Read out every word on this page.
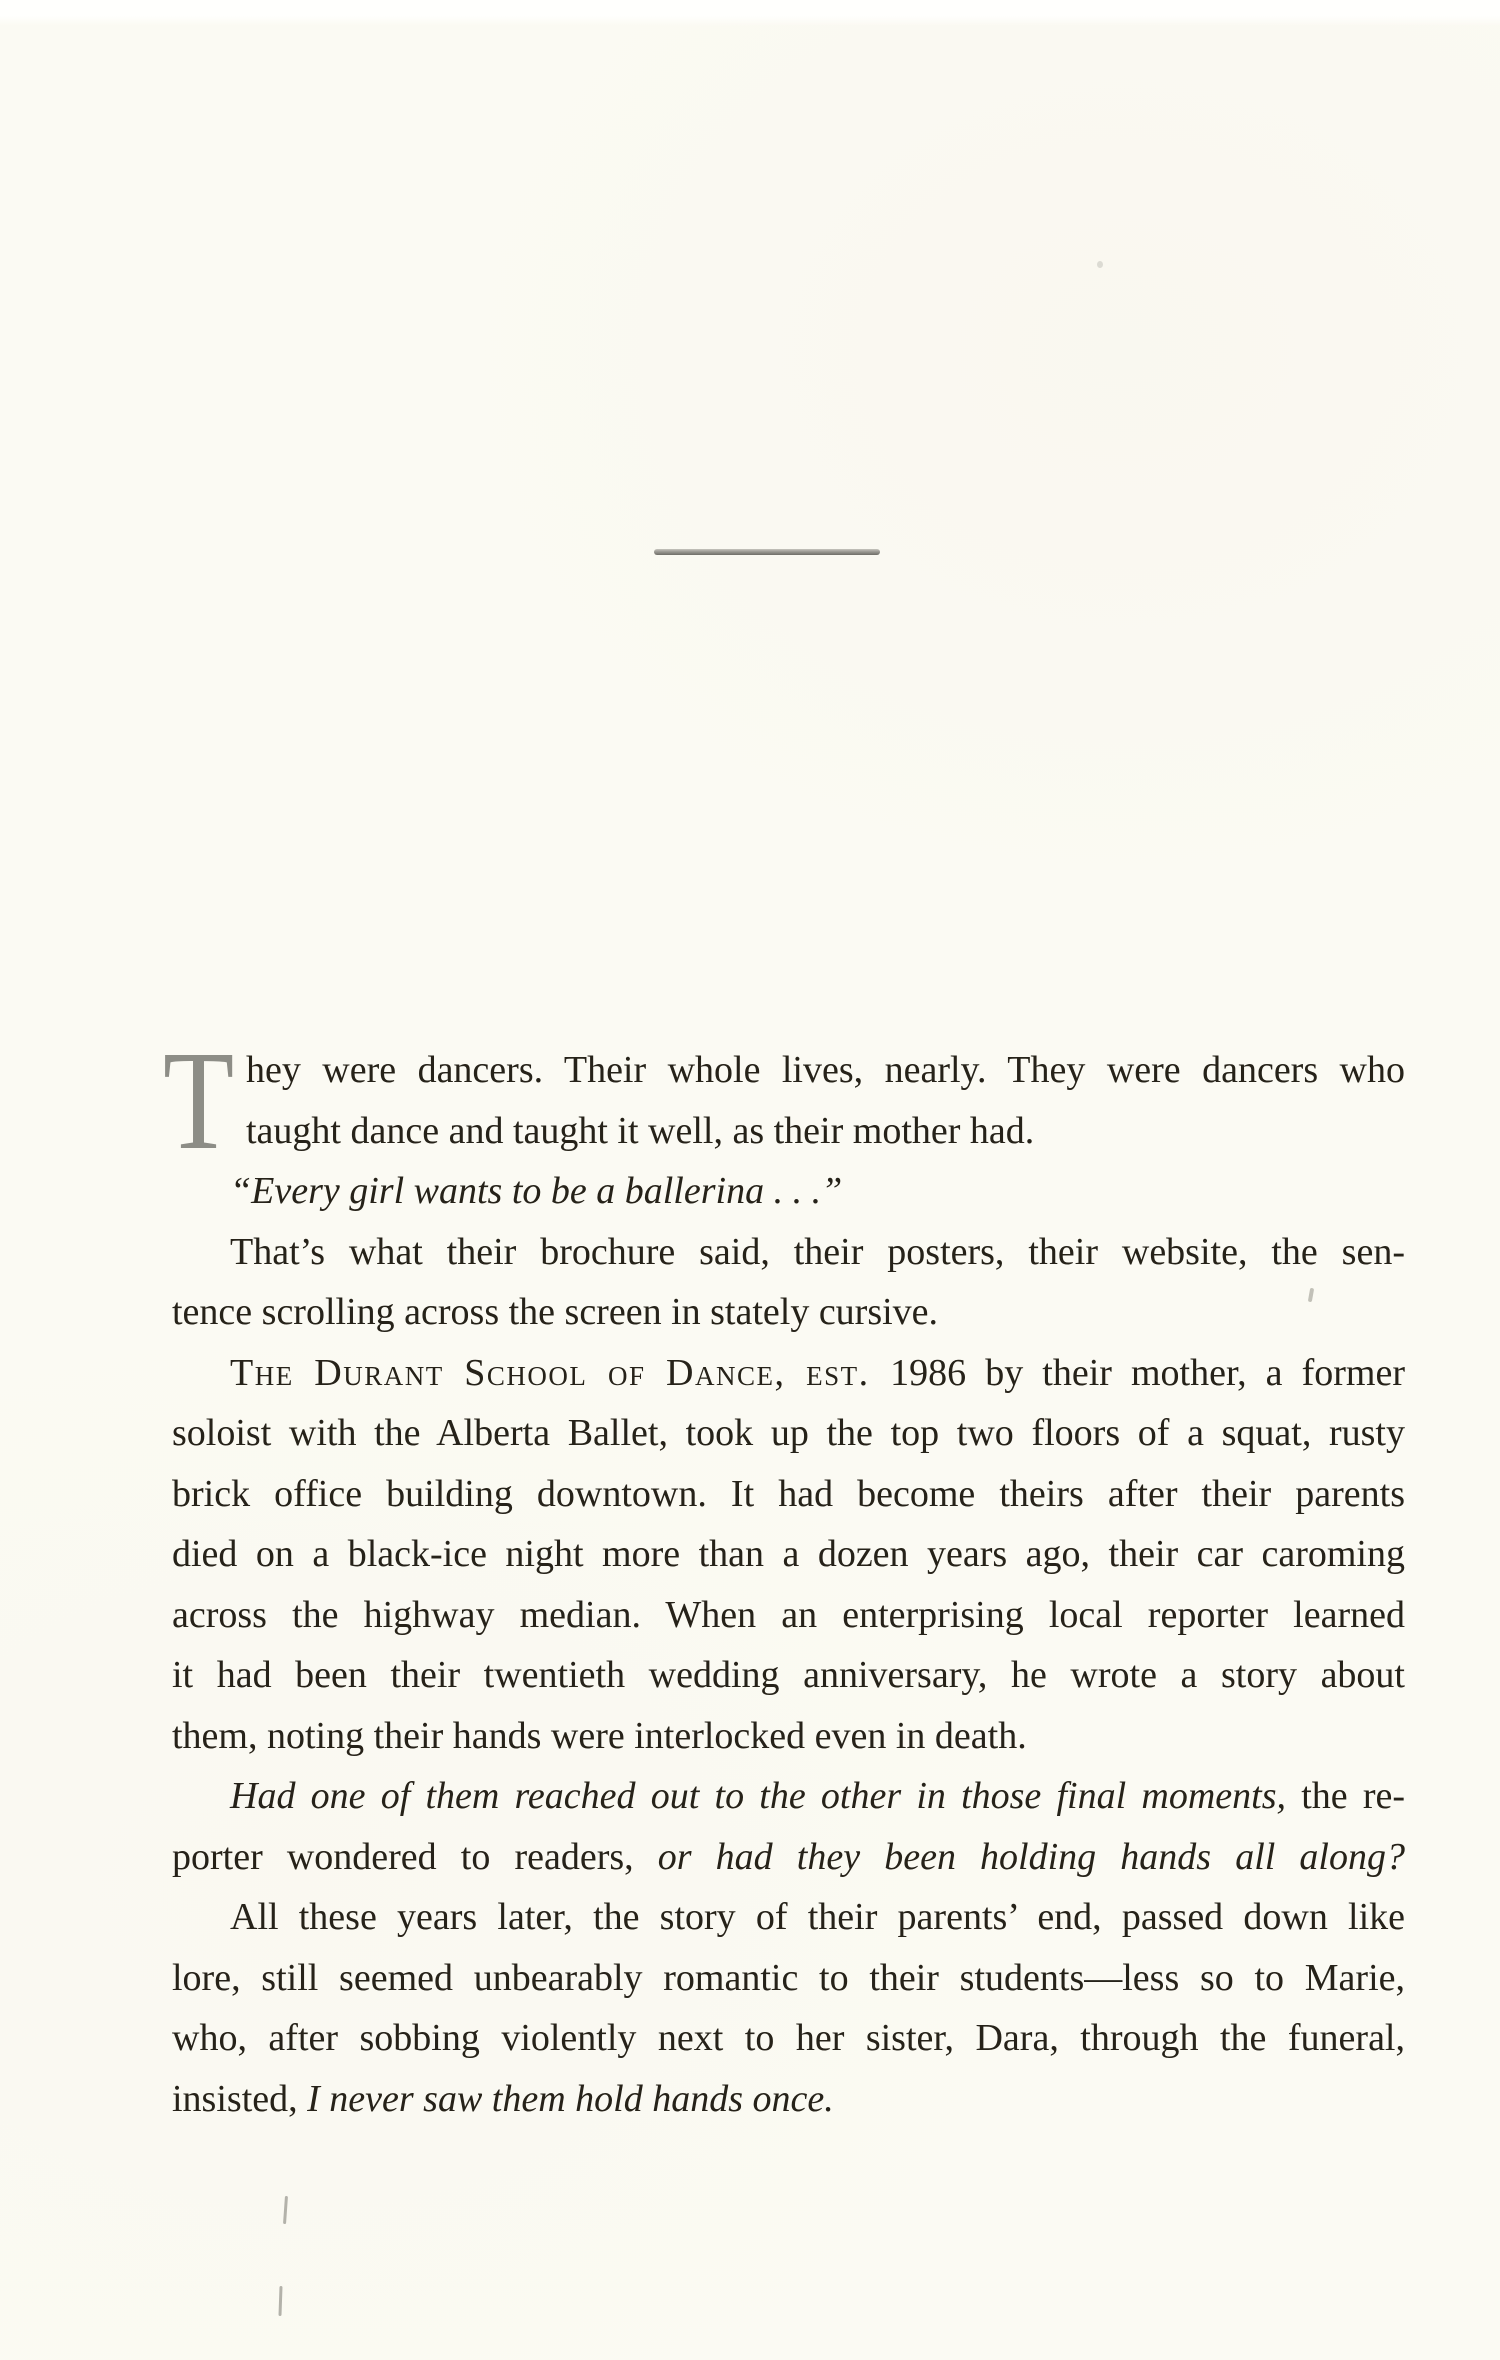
T hey were dancers. Their whole lives, nearly. They were dancers who
taught dance and taught it well, as their mother had.
“Every girl wants to be a ballerina . . .”
That’s what their brochure said, their posters, their website, the sen-
tence scrolling across the screen in stately cursive.
The Durant School of Dance, est. 1986 by their mother, a former
soloist with the Alberta Ballet, took up the top two floors of a squat, rusty
brick office building downtown. It had become theirs after their parents
died on a black-ice night more than a dozen years ago, their car caroming
across the highway median. When an enterprising local reporter learned
it had been their twentieth wedding anniversary, he wrote a story about
them, noting their hands were interlocked even in death.
Had one of them reached out to the other in those final moments, the re-
porter wondered to readers, or had they been holding hands all along?
All these years later, the story of their parents’ end, passed down like
lore, still seemed unbearably romantic to their students—less so to Marie,
who, after sobbing violently next to her sister, Dara, through the funeral,
insisted, I never saw them hold hands once.
